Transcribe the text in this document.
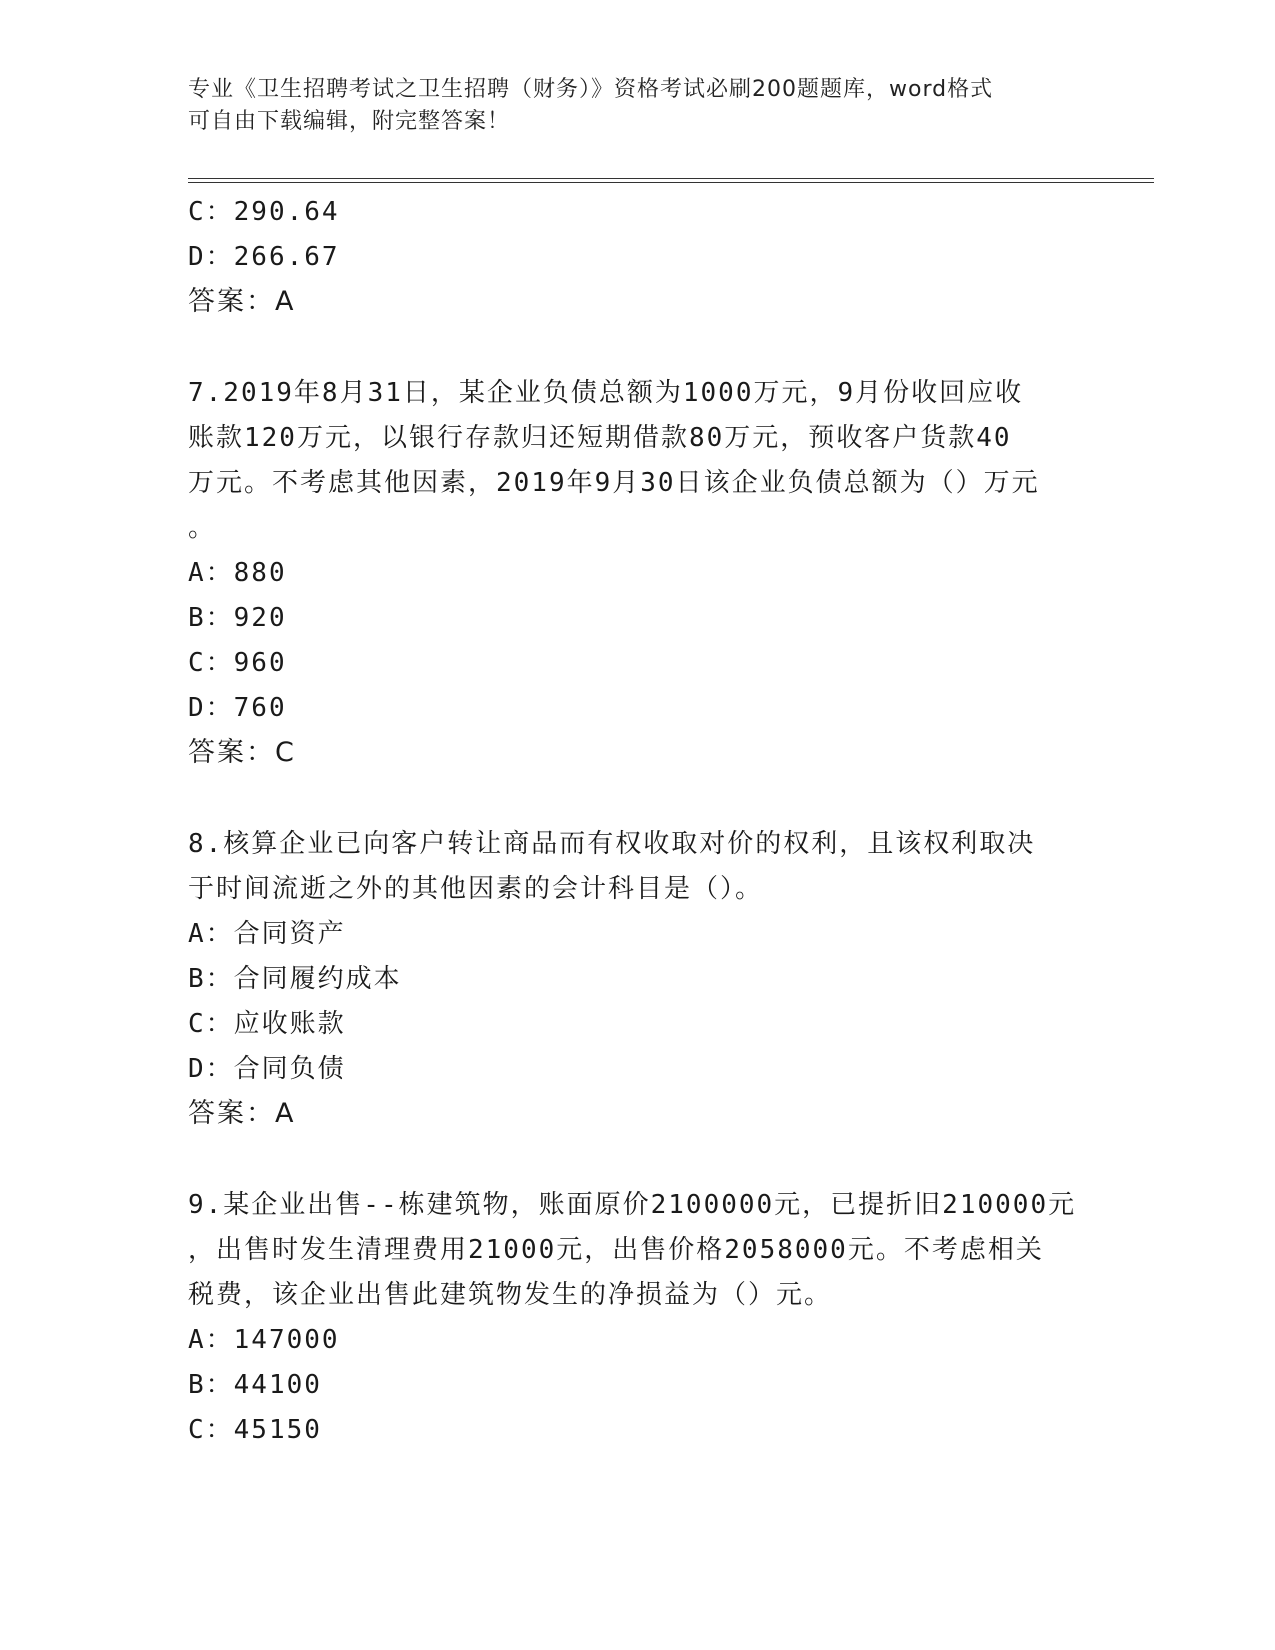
专业《卫生招聘考试之卫生招聘（财务）》资格考试必刷200题题库，word格式
可自由下载编辑，附完整答案！
C：290.64
D：266.67
答案：A
7.2019年8月31日，某企业负债总额为1000万元，9月份收回应收
账款120万元，以银行存款归还短期借款80万元，预收客户货款40
万元。不考虑其他因素，2019年9月30日该企业负债总额为（）万元
。
A：880
B：920
C：960
D：760
答案：C
8.核算企业已向客户转让商品而有权收取对价的权利，且该权利取决
于时间流逝之外的其他因素的会计科目是（）。
A：合同资产
B：合同履约成本
C：应收账款
D：合同负债
答案：A
9.某企业出售--栋建筑物，账面原价2100000元，已提折旧210000元
，出售时发生清理费用21000元，出售价格2058000元。不考虑相关
税费，该企业出售此建筑物发生的净损益为（）元。
A：147000
B：44100
C：45150
